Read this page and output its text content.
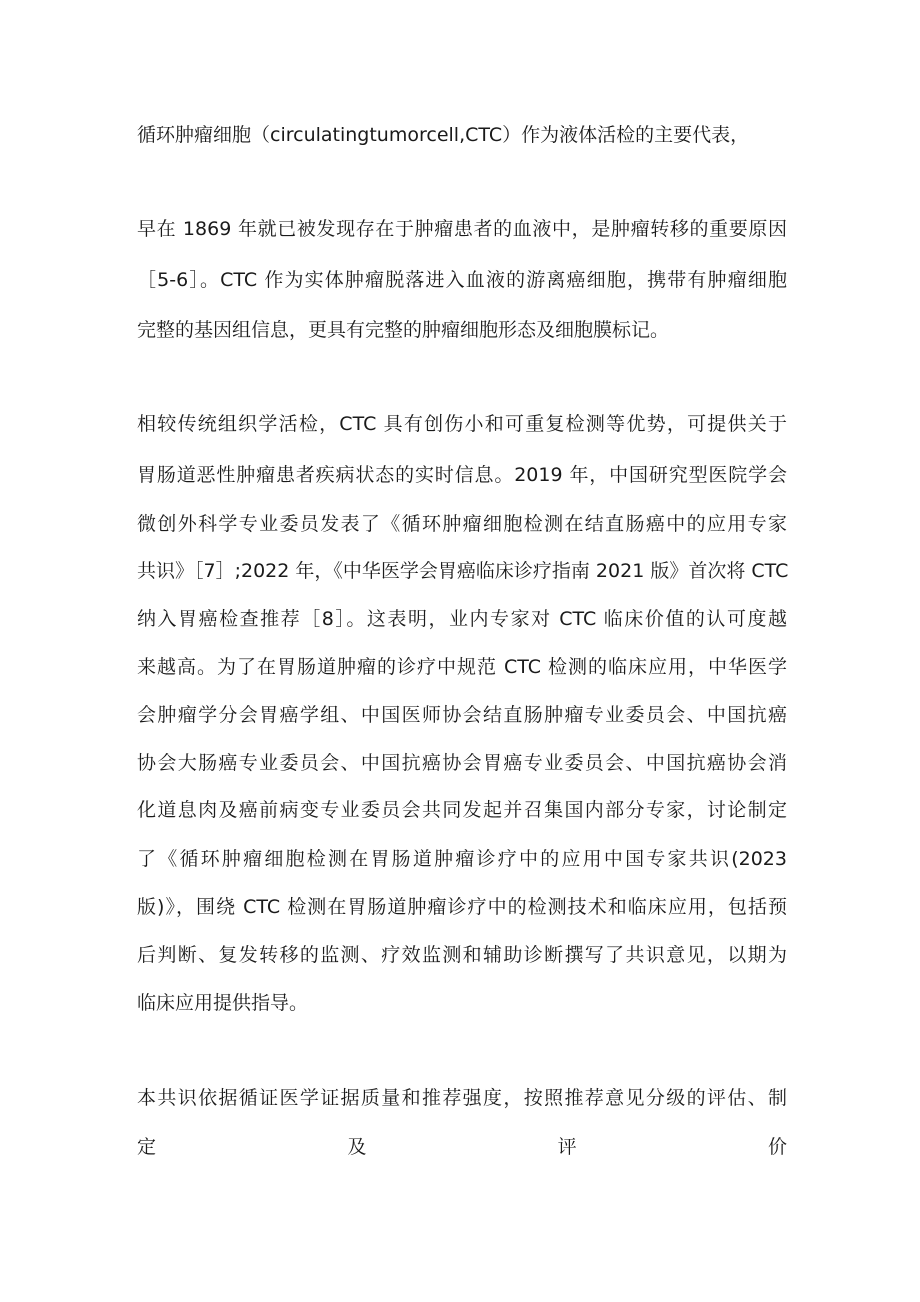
循环肿瘤细胞（circulatingtumorcell,CTC）作为液体活检的主要代表，
早在 1869 年就已被发现存在于肿瘤患者的血液中，是肿瘤转移的重要原因
［5-6］。CTC 作为实体肿瘤脱落进入血液的游离癌细胞，携带有肿瘤细胞
完整的基因组信息，更具有完整的肿瘤细胞形态及细胞膜标记。
相较传统组织学活检，CTC 具有创伤小和可重复检测等优势，可提供关于
胃肠道恶性肿瘤患者疾病状态的实时信息。2019 年，中国研究型医院学会
微创外科学专业委员发表了《循环肿瘤细胞检测在结直肠癌中的应用专家
共识》［7］;2022 年，《中华医学会胃癌临床诊疗指南 2021 版》首次将 CTC
纳入胃癌检查推荐［8］。这表明，业内专家对 CTC 临床价值的认可度越
来越高。为了在胃肠道肿瘤的诊疗中规范 CTC 检测的临床应用，中华医学
会肿瘤学分会胃癌学组、中国医师协会结直肠肿瘤专业委员会、中国抗癌
协会大肠癌专业委员会、中国抗癌协会胃癌专业委员会、中国抗癌协会消
化道息肉及癌前病变专业委员会共同发起并召集国内部分专家，讨论制定
了《循环肿瘤细胞检测在胃肠道肿瘤诊疗中的应用中国专家共识(2023
版)》，围绕 CTC 检测在胃肠道肿瘤诊疗中的检测技术和临床应用，包括预
后判断、复发转移的监测、疗效监测和辅助诊断撰写了共识意见，以期为
临床应用提供指导。
本共识依据循证医学证据质量和推荐强度，按照推荐意见分级的评估、制
定 及 评 价
